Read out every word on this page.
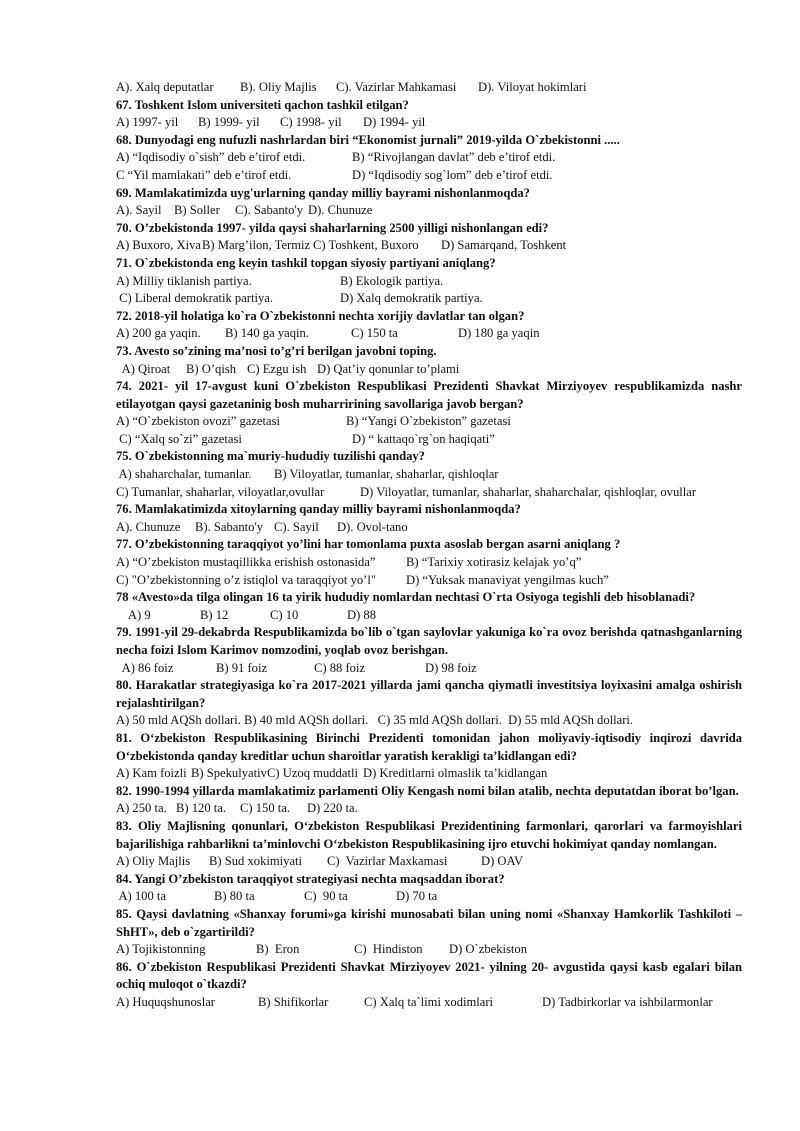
A). Xalq deputatlar	B). Oliy Majlis	C). Vazirlar Mahkamasi	D). Viloyat hokimlari
67. Toshkent Islom universiteti qachon tashkil etilgan?
A) 1997- yil	B) 1999- yil	C) 1998- yil	D) 1994- yil
68. Dunyodagi eng nufuzli nashrlardan biri “Ekonomist jurnali” 2019-yilda O`zbekistonni .....
A) “Iqdisodiy o`sish” deb e’tirof etdi.	B) “Rivojlangan davlat” deb e’tirof etdi.
C “Yil mamlakati” deb e’tirof etdi.	D) “Iqdisodiy sog`lom” deb e’tirof etdi.
69. Mamlakatimizda uyg'urlarning qanday milliy bayrami nishonlanmoqda?
A). Sayil B) Soller	C). Sabanto'y D). Chunuze
70. O’zbekistonda 1997- yilda qaysi shaharlarning 2500 yilligi nishonlangan edi?
A) Buxoro, Xiva B) Marg’ilon, Termiz C) Toshkent, Buxoro	D) Samarqand, Toshkent
71. O`zbekistonda eng keyin tashkil topgan siyosiy partiyani aniqlang?
A) Milliy tiklanish partiya.	B) Ekologik partiya.
C) Liberal demokratik partiya.	D) Xalq demokratik partiya.
72. 2018-yil holatiga ko`ra O`zbekistonni nechta xorijiy davlatlar tan olgan?
A) 200 ga yaqin.	B) 140 ga yaqin.	C) 150 ta	D) 180 ga yaqin
73. Avesto so’zining ma’nosi to’g’ri berilgan javobni toping.
A) Qiroat	B) O’qish C) Ezgu ish D) Qat’iy qonunlar to’plami
74. 2021- yil 17-avgust kuni O`zbekiston Respublikasi Prezidenti Shavkat Mirziyoyev respublikamizda nashr etilayotgan qaysi gazetaninig bosh muharririning savollariga javob bergan?
A) “O`zbekiston ovozi” gazetasi	B) “Yangi O`zbekiston” gazetasi
C) “Xalq so`zi” gazetasi	D) “ kattaqo`rg`on haqiqati”
75. O`zbekistonning ma`muriy-hududiy tuzilishi qanday?
A) shaharchalar, tumanlar.	B) Viloyatlar, tumanlar, shaharlar, qishloqlar
C) Tumanlar, shaharlar, viloyatlar,ovullar	D) Viloyatlar, tumanlar, shaharlar, shaharchalar, qishloqlar, ovullar
76. Mamlakatimizda xitoylarning qanday milliy bayrami nishonlanmoqda?
A). Chunuze	B). Sabanto'y C). Sayil	D). Ovol-tano
77. O’zbekistonning taraqqiyot yo’lini har tomonlama puxta asoslab bergan asarni aniqlang ?
A) “O’zbekiston mustaqillikka erishish ostonasida”	B) “Tarixiy xotirasiz kelajak yo’q”
C) "O’zbekistonning o’z istiqlol va taraqqiyot yo’l"	D) “Yuksak manaviyat yengilmas kuch”
78 «Avesto»da tilga olingan 16 ta yirik hududiy nomlardan nechtasi O`rta Osiyoga tegishli deb hisoblanadi?
A) 9	B) 12	C) 10	D) 88
79. 1991-yil 29-dekabrda Respublikamizda bo`lib o`tgan saylovlar yakuniga ko`ra ovoz berishda qatnashganlarning necha foizi Islom Karimov nomzodini, yoqlab ovoz berishgan.
A) 86 foiz	B) 91 foiz	C) 88 foiz	D) 98 foiz
80. Harakatlar strategiyasiga ko`ra 2017-2021 yillarda jami qancha qiymatli investitsiya loyixasini amalga oshirish rejalashtirilgan?
A) 50 mld AQSh dollari. B) 40 mld AQSh dollari.   C) 35 mld AQSh dollari.  D) 55 mld AQSh dollari.
81. O‘zbekiston Respublikasining Birinchi Prezidenti tomonidan jahon moliyaviy-iqtisodiy inqirozi davrida O‘zbekistonda qanday kreditlar uchun sharoitlar yaratish kerakligi ta’kidlangan edi?
A) Kam foizli B) Spekulyativ C) Uzoq muddatli D) Kreditlarni olmaslik ta’kidlangan
82. 1990-1994 yillarda mamlakatimiz parlamenti Oliy Kengash nomi bilan atalib, nechta deputatdan iborat bo’lgan.
A) 250 ta. B) 120 ta.	C) 150 ta.	D) 220 ta.
83. Oliy Majlisning qonunlari, O‘zbekiston Respublikasi Prezidentining farmonlari, qarorlari va farmoyishlari bajarilishiga rahbarlikni ta’minlovchi O‘zbekiston Respublikasining ijro etuvchi hokimiyat qanday nomlangan.
A) Oliy Majlis	B) Sud xokimiyati	C)  Vazirlar Maxkamasi	D) OAV
84. Yangi O’zbekiston taraqqiyot strategiyasi nechta maqsaddan iborat?
A) 100 ta	B) 80 ta	C)  90 ta	D) 70 ta
85. Qaysi davlatning «Shanxay forumi»ga kirishi munosabati bilan uning nomi «Shanxay Hamkorlik Tashkiloti – ShHT», deb o`zgartirildi?
A) Tojikistonning	B)  Eron	C)  Hindiston	D) O`zbekiston
86. O`zbekiston Respublikasi Prezidenti Shavkat Mirziyoyev 2021- yilning 20- avgustida qaysi kasb egalari bilan ochiq muloqot o`tkazdi?
A) Huquqshunoslar	B) Shifikorlar	C) Xalq ta`limi xodimlari	D) Tadbirkorlar va ishbilarmonlar
